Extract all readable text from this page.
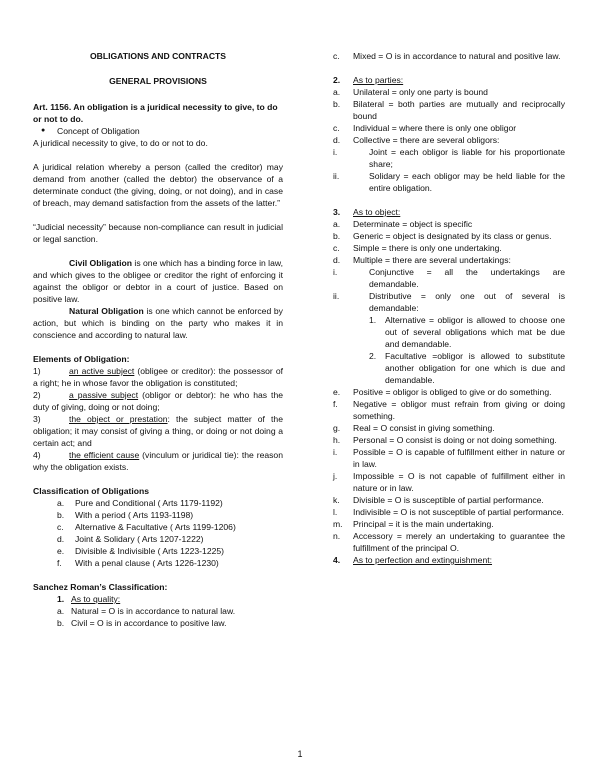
OBLIGATIONS AND CONTRACTS

GENERAL PROVISIONS

Art. 1156. An obligation is a juridical necessity to give, to do or not to do.

●	Concept of Obligation

A juridical necessity to give, to do or not to do.

A juridical relation whereby a person (called the creditor) may demand from another (called the debtor) the observance of a determinate conduct (the giving, doing, or not doing), and in case of breach, may demand satisfaction from the assets of the latter.”

“Judicial necessity” because non-compliance can result in judicial or legal sanction.

Civil Obligation is one which has a binding force in law, and which gives to the obligee or creditor the right of enforcing it against the obligor or debtor in a court of justice. Based on positive law.

Natural Obligation is one which cannot be enforced by action, but which is binding on the party who makes it in conscience and according to natural law.

Elements of Obligation:

1)	an active subject (obligee or creditor): the possessor of a right; he in whose favor the obligation is constituted;

2)	a passive subject (obligor or debtor): he who has the duty of giving, doing or not doing;

3)	the object or prestation: the subject matter of the obligation; it may consist of giving a thing, or doing or not doing a certain act; and

4)	the efficient cause (vinculum or juridical tie): the reason why the obligation exists.

Classification of Obligations

a.	Pure and Conditional ( Arts 1179-1192)
b.	With a period ( Arts 1193-1198)
c.	Alternative & Facultative ( Arts 1199-1206)
d.	Joint & Solidary ( Arts 1207-1222)
e.	Divisible & Indivisible ( Arts 1223-1225)
f.	With a penal clause ( Arts 1226-1230)

Sanchez Roman’s Classification:

1. As to quality:
a. Natural = O is in accordance to natural law.
b. Civil = O is in accordance to positive law.
c.	Mixed = O is in accordance to natural and positive law.
2.	As to parties:
a.	Unilateral = only one party is bound
b.	Bilateral = both parties are mutually and reciprocally bound
c.	Individual = where there is only one obligor
d.	Collective = there are several obligors:
i.	Joint = each obligor is liable for his proportionate share;
ii.	Solidary = each obligor may be held liable for the entire obligation.
3.	As to object:
a.	Determinate = object is specific
b.	Generic = object is designated by its class or genus.
c.	Simple = there is only one undertaking.
d.	Multiple = there are several undertakings:
i.	Conjunctive = all the undertakings are demandable.
ii.	Distributive = only one out of several is demandable:
1.	Alternative = obligor is allowed to choose one out of several obligations which mat be due and demandable.
2.	Facultative =obligor is allowed to substitute another obligation for one which is due and demandable.
e.	Positive = obligor is obliged to give or do something.
f.	Negative = obligor must refrain from giving or doing something.
g.	Real = O consist in giving something.
h.	Personal = O consist is doing or not doing something.
i.	Possible = O is capable of fulfillment either in nature or in law.
j.	Impossible = O is not capable of fulfillment either in nature or in law.
k.	Divisible = O is susceptible of partial performance.
l.	Indivisible = O is not susceptible of partial performance.
m.	Principal = it is the main undertaking.
n.	Accessory = merely an undertaking to guarantee the fulfillment of the principal O.
4.	As to perfection and extinguishment:
1
